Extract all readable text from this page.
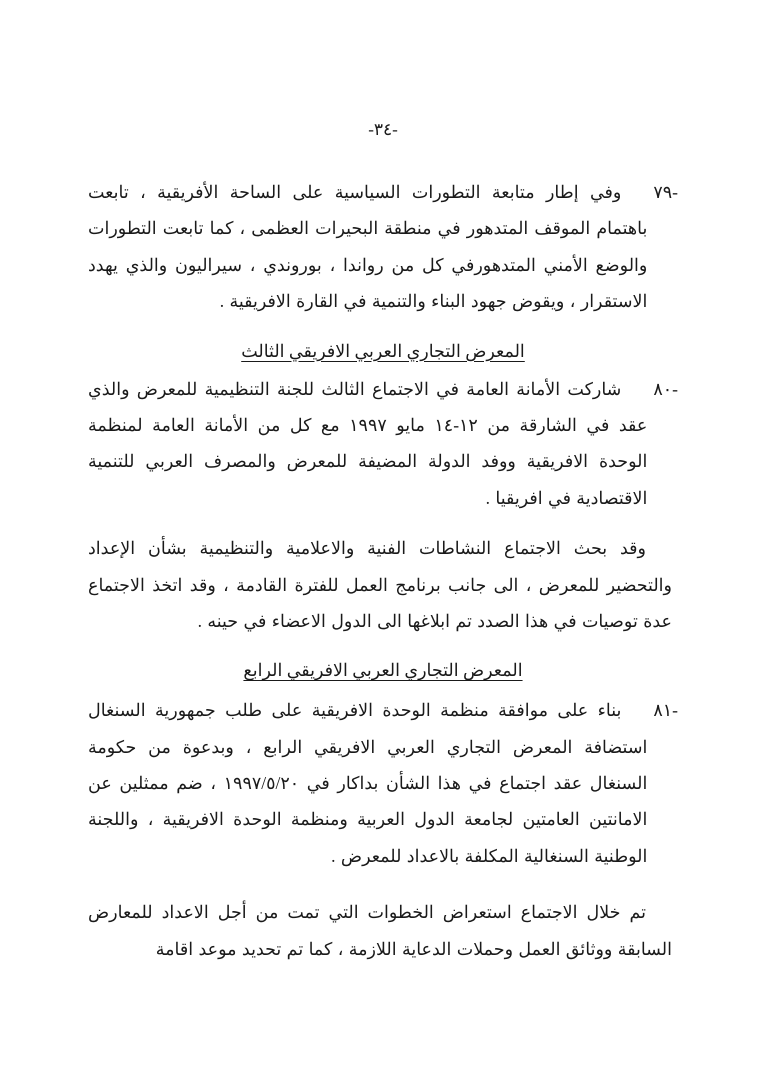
-٣٤-
-٧٩
وفي إطار متابعة التطورات السياسية على الساحة الأفريقية ، تابعت باهتمام الموقف المتدهور في منطقة البحيرات العظمى ، كما تابعت التطورات والوضع الأمني المتدهورفي كل من رواندا ، بوروندي ، سيراليون والذي يهدد الاستقرار ، ويقوض جهود البناء والتنمية في القارة الافريقية .
المعرض التجاري العربي الافريقي الثالث
-٨٠
شاركت الأمانة العامة في الاجتماع الثالث للجنة التنظيمية للمعرض والذي عقد في الشارقة من ١٢-١٤ مايو ١٩٩٧ مع كل من الأمانة العامة لمنظمة الوحدة الافريقية ووفد الدولة المضيفة للمعرض والمصرف العربي للتنمية الاقتصادية في افريقيا .
وقد بحث الاجتماع النشاطات الفنية والاعلامية والتنظيمية بشأن الإعداد والتحضير للمعرض ، الى جانب برنامج العمل للفترة القادمة ، وقد اتخذ الاجتماع عدة توصيات في هذا الصدد تم ابلاغها الى الدول الاعضاء في حينه .
المعرض التجاري العربي الافريقي الرابع
-٨١
بناء على موافقة منظمة الوحدة الافريقية على طلب جمهورية السنغال استضافة المعرض التجاري العربي الافريقي الرابع ، وبدعوة من حكومة السنغال عقد اجتماع في هذا الشأن بداكار في ١٩٩٧/٥/٢٠ ، ضم ممثلين عن الامانتين العامتين لجامعة الدول العربية ومنظمة الوحدة الافريقية ، واللجنة الوطنية السنغالية المكلفة بالاعداد للمعرض .
تم خلال الاجتماع استعراض الخطوات التي تمت من أجل الاعداد للمعارض السابقة ووثائق العمل وحملات الدعاية اللازمة ، كما تم تحديد موعد اقامة
